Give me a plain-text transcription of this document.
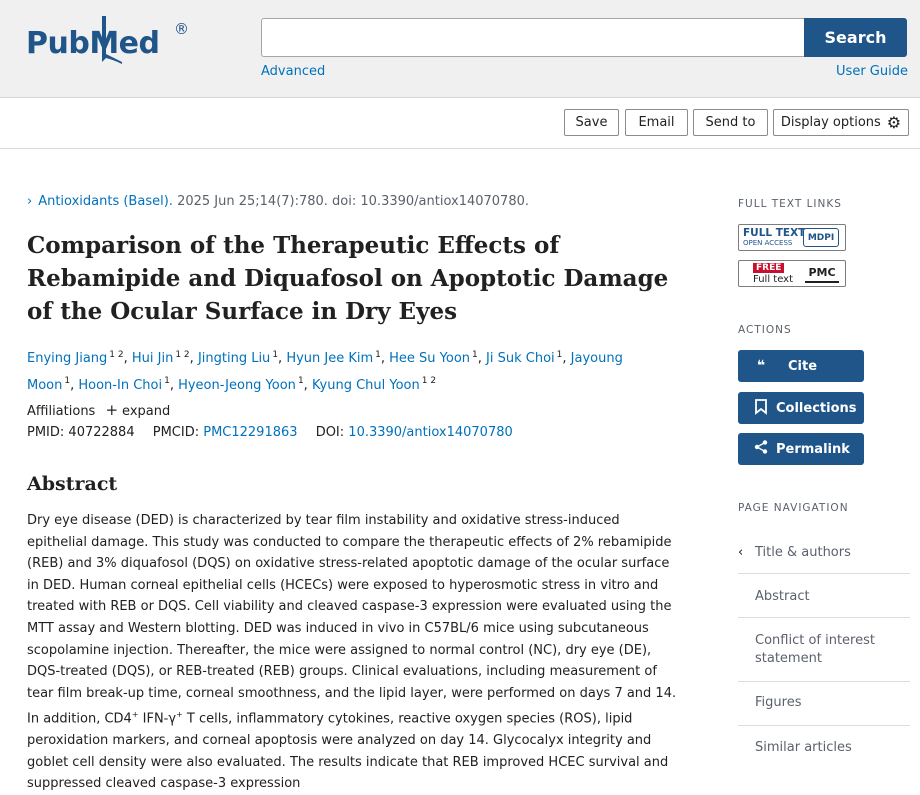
PubMed ®	Search
Advanced	User Guide
Save Email Send to Display options ⚙
› Antioxidants (Basel). 2025 Jun 25;14(7):780. doi: 10.3390/antiox14070780.
Comparison of the Therapeutic Effects of Rebamipide and Diquafosol on Apoptotic Damage of the Ocular Surface in Dry Eyes
Enying Jiang $^{1 2}$, Hui Jin $^{1 2}$, Jingting Liu $^1$, Hyun Jee Kim $^1$, Hee Su Yoon $^1$, Ji Suk Choi $^1$, Jayoung Moon $^1$, Hoon-In Choi $^1$, Hyeon-Jeong Yoon $^1$, Kyung Chul Yoon $^{1 2}$
Affiliations + expand
PMID: 40722884 PMCID: PMC12291863 DOI: 10.3390/antiox14070780
Abstract

Dry eye disease (DED) is characterized by tear film instability and oxidative stress-induced epithelial damage. This study was conducted to compare the therapeutic effects of 2% rebamipide (REB) and 3% diquafosol (DQS) on oxidative stress-related apoptotic damage of the ocular surface in DED. Human corneal epithelial cells (HCECs) were exposed to hyperosmotic stress in vitro and treated with REB or DQS. Cell viability and cleaved caspase-3 expression were evaluated using the MTT assay and Western blotting. DED was induced in vivo in C57BL/6 mice using subcutaneous scopolamine injection. Thereafter, the mice were assigned to normal control (NC), dry eye (DE), DQS-treated (DQS), or REB-treated (REB) groups. Clinical evaluations, including measurement of tear film break-up time, corneal smoothness, and the lipid layer, were performed on days 7 and 14. In addition, CD4+ IFN-γ+ T cells, inflammatory cytokines, reactive oxygen species (ROS), lipid peroxidation markers, and corneal apoptosis were analyzed on day 14. Glycocalyx integrity and goblet cell density were also evaluated. The results indicate that REB improved HCEC survival and suppressed cleaved caspase-3 expression

FULL TEXT LINKS
FULL TEXT
OPEN ACCESS
MDPI
FREE
Full text
PMC
ACTIONS
❝	Cite
Collections
Permalink
PAGE NAVIGATION
‹ Title & authors
Abstract
Conflict of interest statement
Figures
Similar articles
